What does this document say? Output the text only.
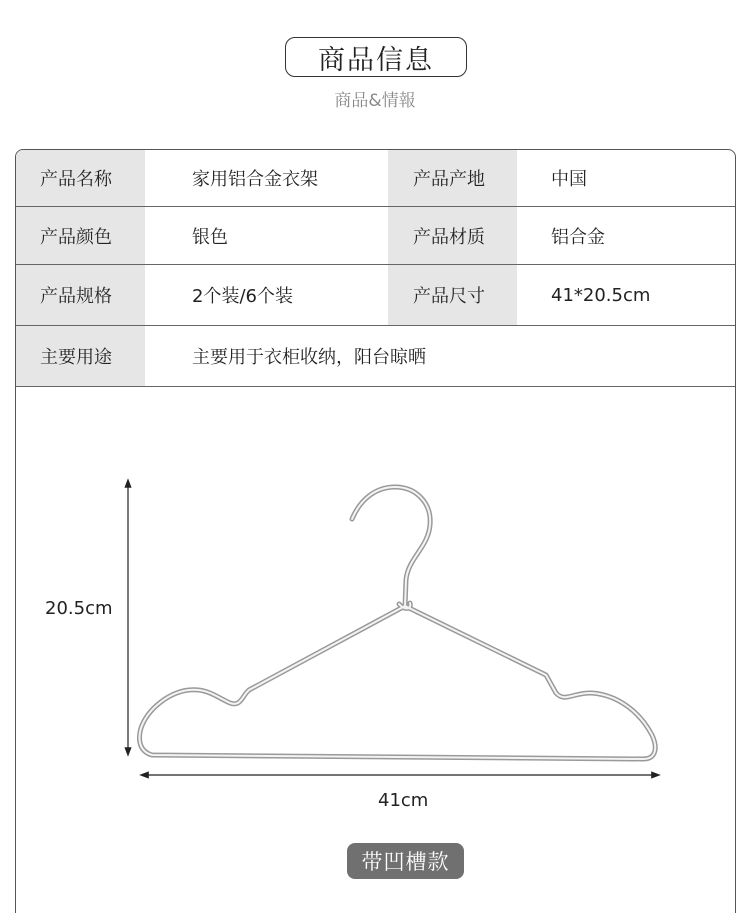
商品信息
商品&情報
产品名称	家用铝合金衣架	产品产地	中国
产品颜色	银色	产品材质	铝合金
产品规格	2个装/6个装	产品尺寸	41*20.5cm
主要用途	主要用于衣柜收纳，阳台晾晒
20.5cm
41cm
带凹槽款
